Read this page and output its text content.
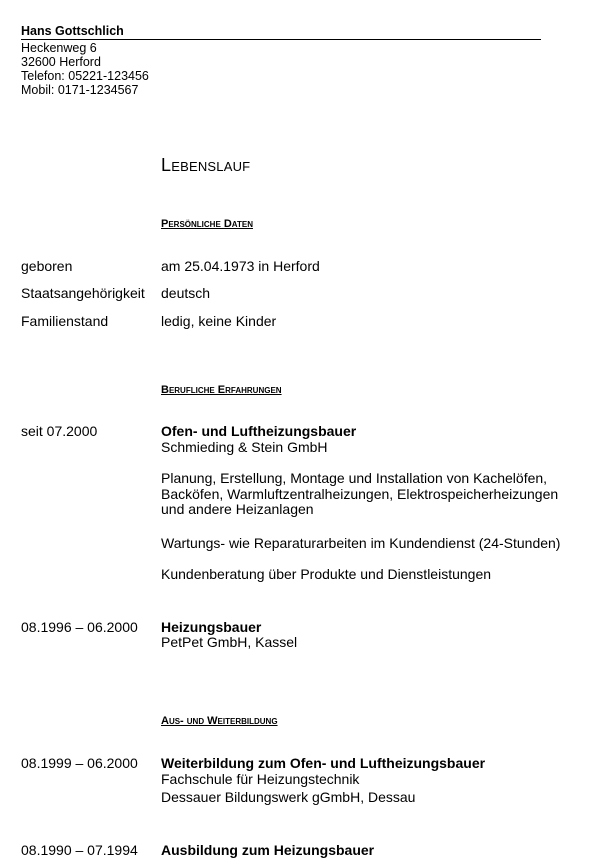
Hans Gottschlich
Heckenweg 6
32600 Herford
Telefon: 05221-123456
Mobil: 0171-1234567
Lebenslauf
Persönliche Daten
geboren	am 25.04.1973 in Herford
Staatsangehörigkeit deutsch
Familienstand	ledig, keine Kinder
Berufliche Erfahrungen
seit 07.2000	Ofen- und Luftheizungsbauer
Schmieding & Stein GmbH
Planung, Erstellung, Montage und Installation von Kachelöfen, Backöfen, Warmluftzentralheizungen, Elektrospeicherheizungen und andere Heizanlagen
Wartungs- wie Reparaturarbeiten im Kundendienst (24-Stunden)
Kundenberatung über Produkte und Dienstleistungen
08.1996 – 06.2000 Heizungsbauer
PetPet GmbH, Kassel
Aus- und Weiterbildung
08.1999 – 06.2000 Weiterbildung zum Ofen- und Luftheizungsbauer
Fachschule für Heizungstechnik
Dessauer Bildungswerk gGmbH, Dessau
08.1990 – 07.1994 Ausbildung zum Heizungsbauer
